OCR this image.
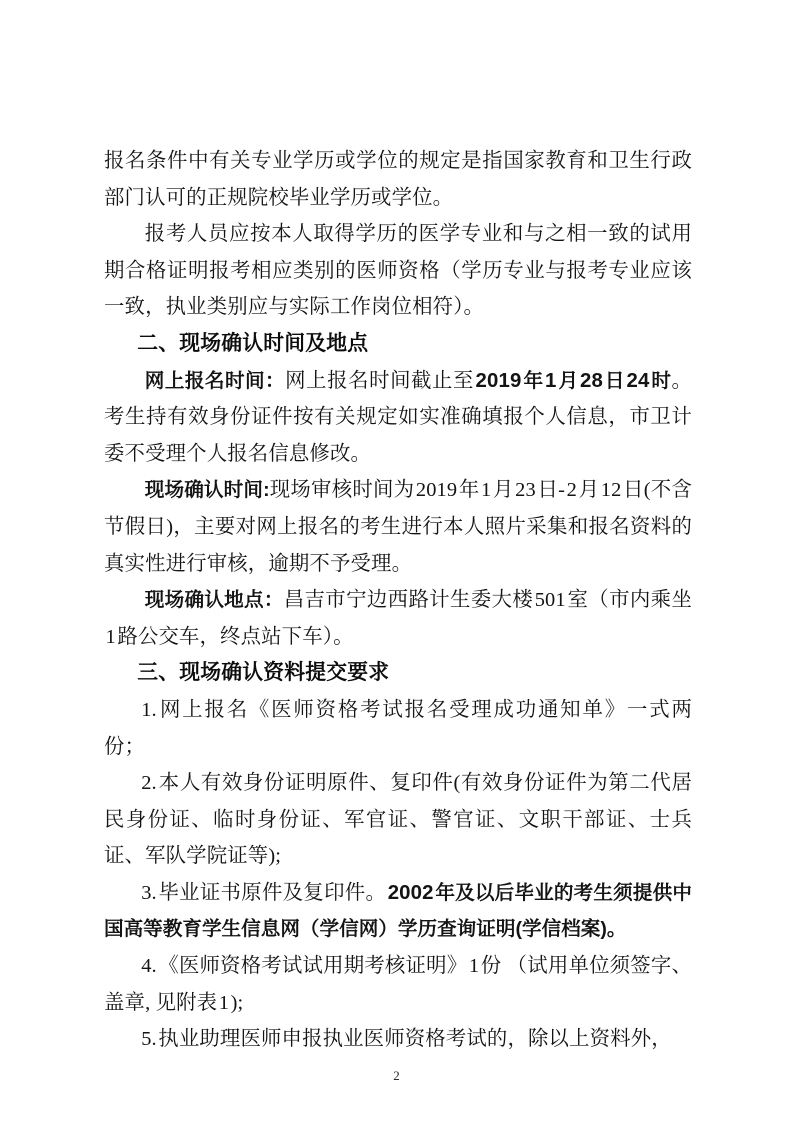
报名条件中有关专业学历或学位的规定是指国家教育和卫生行政部门认可的正规院校毕业学历或学位。

报考人员应按本人取得学历的医学专业和与之相一致的试用期合格证明报考相应类别的医师资格（学历专业与报考专业应该一致，执业类别应与实际工作岗位相符）。

二、现场确认时间及地点

网上报名时间：网上报名时间截止至2019年1月28日24时。考生持有效身份证件按有关规定如实准确填报个人信息，市卫计委不受理个人报名信息修改。

现场确认时间:现场审核时间为2019年1月23日-2月12日(不含节假日)，主要对网上报名的考生进行本人照片采集和报名资料的真实性进行审核，逾期不予受理。

现场确认地点：昌吉市宁边西路计生委大楼501室（市内乘坐1路公交车，终点站下车）。

三、现场确认资料提交要求

1.网上报名《医师资格考试报名受理成功通知单》一式两份；

2.本人有效身份证明原件、复印件(有效身份证件为第二代居民身份证、临时身份证、军官证、警官证、文职干部证、士兵证、军队学院证等);

3.毕业证书原件及复印件。2002年及以后毕业的考生须提供中国高等教育学生信息网（学信网）学历查询证明(学信档案)。

4.《医师资格考试试用期考核证明》1份 （试用单位须签字、盖章, 见附表1);

5.执业助理医师申报执业医师资格考试的，除以上资料外，

2
